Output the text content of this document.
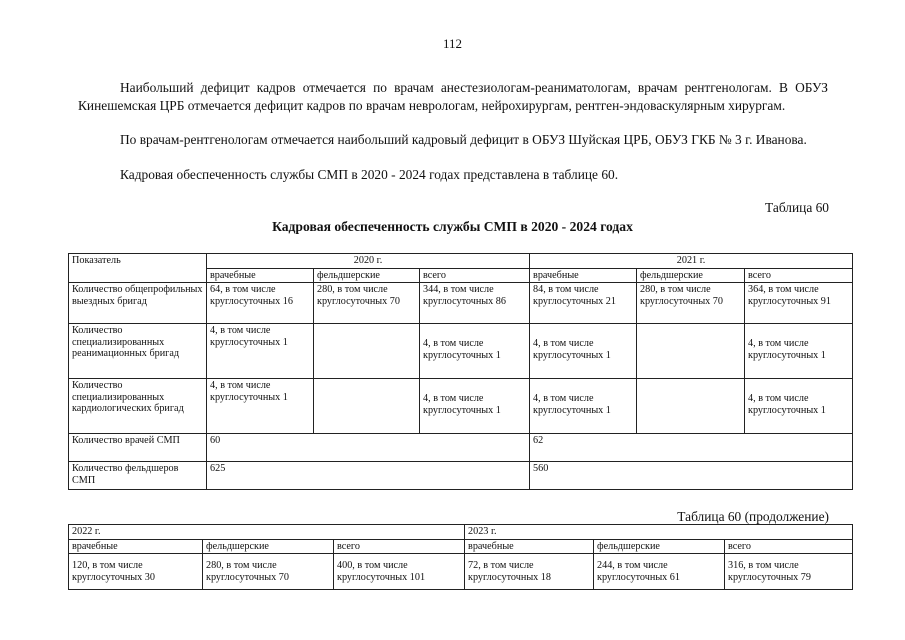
112

Наибольший дефицит кадров отмечается по врачам анестезиологам-реаниматологам, врачам рентгенологам. В ОБУЗ Кинешемская ЦРБ отмечается дефицит кадров по врачам неврологам, нейрохирургам, рентген-эндоваскулярным хирургам.

По врачам-рентгенологам отмечается наибольший кадровый дефицит в ОБУЗ Шуйская ЦРБ, ОБУЗ ГКБ № 3 г. Иванова.

Кадровая обеспеченность службы СМП в 2020 - 2024 годах представлена в таблице 60.

Таблица 60
Кадровая обеспеченность службы СМП в 2020 - 2024 годах
Показатель	2020 г.			2021 г.		
	врачебные	фельдшерские	всего	врачебные	фельдшерские	всего
Количество общепрофильных выездных бригад	64, в том числе круглосуточных 16	280, в том числе круглосуточных 70	344, в том числе круглосуточных 86	84, в том числе круглосуточных 21	280, в том числе круглосуточных 70	364, в том числе круглосуточных 91
Количество специализированных реанимационных бригад	4, в том числе круглосуточных 1		4, в том числе круглосуточных 1	4, в том числе круглосуточных 1		4, в том числе круглосуточных 1
Количество специализированных кардиологических бригад	4, в том числе круглосуточных 1		4, в том числе круглосуточных 1	4, в том числе круглосуточных 1		4, в том числе круглосуточных 1
Количество врачей СМП	60			62		
Количество фельдшеров СМП	625			560		
Таблица 60 (продолжение)
2022 г.			2023 г.		
врачебные	фельдшерские	всего	врачебные	фельдшерские	всего
120, в том числе круглосуточных 30	280, в том числе круглосуточных 70	400, в том числе круглосуточных 101	72, в том числе круглосуточных 18	244, в том числе круглосуточных 61	316, в том числе круглосуточных 79
